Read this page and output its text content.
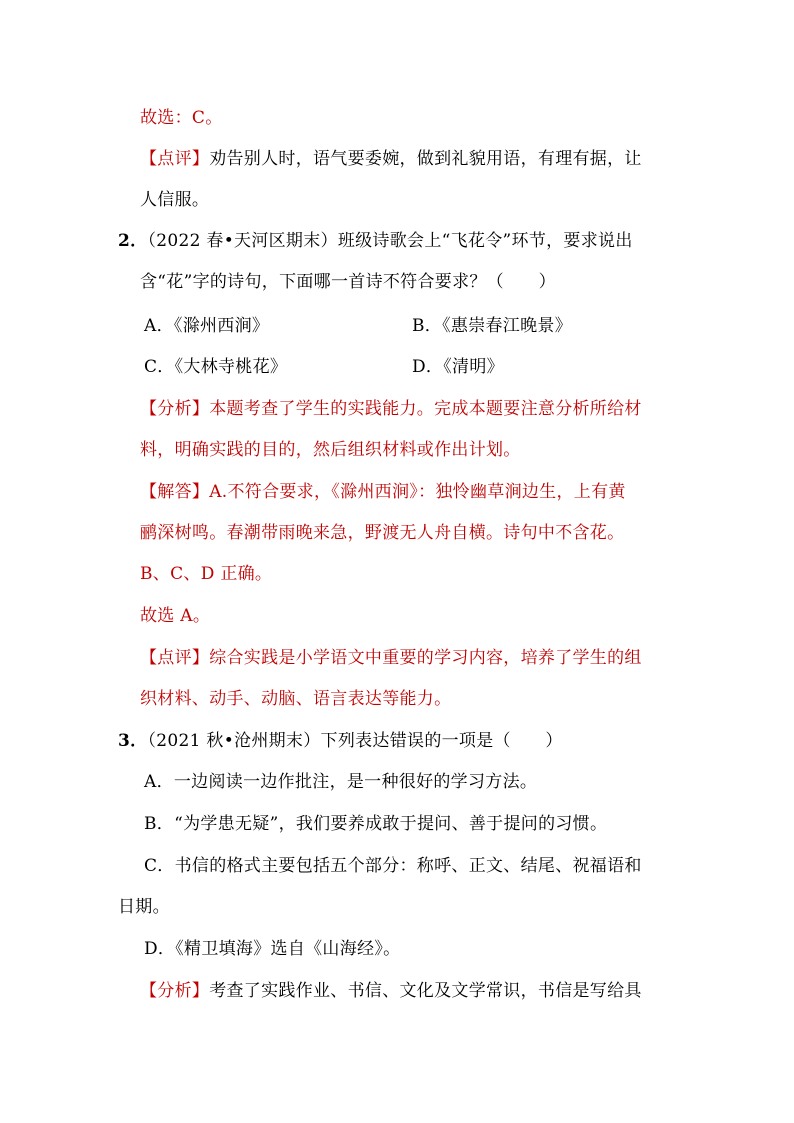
故选：C。
【点评】劝告别人时，语气要委婉，做到礼貌用语，有理有据，让
人信服。
2．（2022 春•天河区期末）班级诗歌会上“飞花令”环节，要求说出
含“花”字的诗句，下面哪一首诗不符合要求？（　　）
A．《滁州西涧》	B．《惠崇春江晚景》
C．《大林寺桃花》	D．《清明》
【分析】本题考查了学生的实践能力。完成本题要注意分析所给材
料，明确实践的目的，然后组织材料或作出计划。
【解答】A.不符合要求，《滁州西涧》：独怜幽草涧边生，上有黄
鹂深树鸣。春潮带雨晚来急，野渡无人舟自横。诗句中不含花。
B、C、D 正确。
故选 A。
【点评】综合实践是小学语文中重要的学习内容，培养了学生的组
织材料、动手、动脑、语言表达等能力。
3．（2021 秋•沧州期末）下列表达错误的一项是（　　）
A．一边阅读一边作批注，是一种很好的学习方法。
B．“为学患无疑”，我们要养成敢于提问、善于提问的习惯。
C．书信的格式主要包括五个部分：称呼、正文、结尾、祝福语和
日期。
D．《精卫填海》选自《山海经》。
【分析】考查了实践作业、书信、文化及文学常识，书信是写给具
